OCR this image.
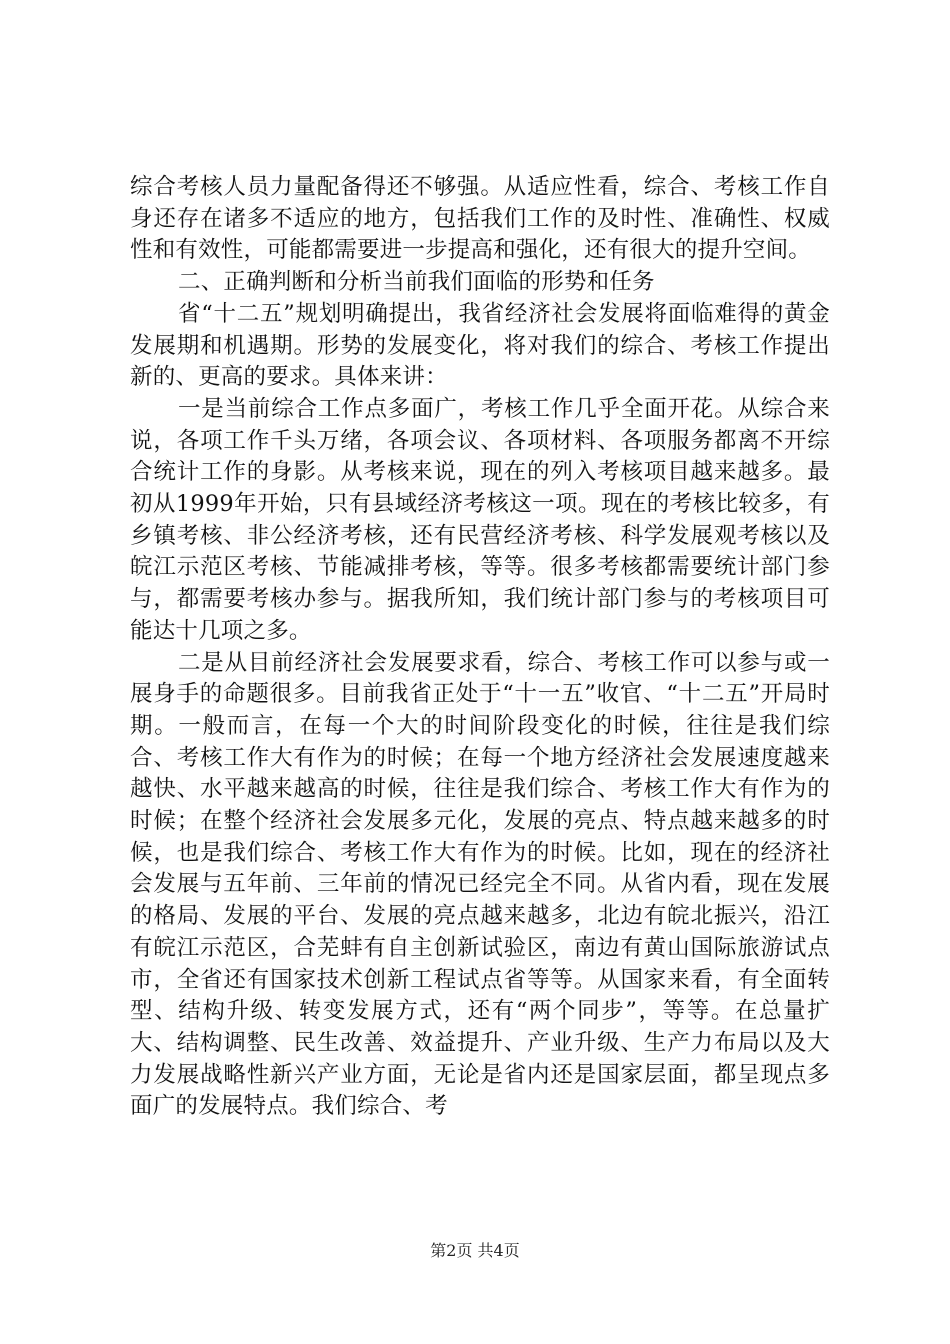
综合考核人员力量配备得还不够强。从适应性看，综合、考核工作自身还存在诸多不适应的地方，包括我们工作的及时性、准确性、权威性和有效性，可能都需要进一步提高和强化，还有很大的提升空间。

二、正确判断和分析当前我们面临的形势和任务

省“十二五”规划明确提出，我省经济社会发展将面临难得的黄金发展期和机遇期。形势的发展变化，将对我们的综合、考核工作提出新的、更高的要求。具体来讲：

一是当前综合工作点多面广，考核工作几乎全面开花。从综合来说，各项工作千头万绪，各项会议、各项材料、各项服务都离不开综合统计工作的身影。从考核来说，现在的列入考核项目越来越多。最初从1999年开始，只有县域经济考核这一项。现在的考核比较多，有乡镇考核、非公经济考核，还有民营经济考核、科学发展观考核以及皖江示范区考核、节能减排考核，等等。很多考核都需要统计部门参与，都需要考核办参与。据我所知，我们统计部门参与的考核项目可能达十几项之多。

二是从目前经济社会发展要求看，综合、考核工作可以参与或一展身手的命题很多。目前我省正处于“十一五”收官、“十二五”开局时期。一般而言，在每一个大的时间阶段变化的时候，往往是我们综合、考核工作大有作为的时候；在每一个地方经济社会发展速度越来越快、水平越来越高的时候，往往是我们综合、考核工作大有作为的时候；在整个经济社会发展多元化，发展的亮点、特点越来越多的时候，也是我们综合、考核工作大有作为的时候。比如，现在的经济社会发展与五年前、三年前的情况已经完全不同。从省内看，现在发展的格局、发展的平台、发展的亮点越来越多，北边有皖北振兴，沿江有皖江示范区，合芜蚌有自主创新试验区，南边有黄山国际旅游试点市，全省还有国家技术创新工程试点省等等。从国家来看，有全面转型、结构升级、转变发展方式，还有“两个同步”，等等。在总量扩大、结构调整、民生改善、效益提升、产业升级、生产力布局以及大力发展战略性新兴产业方面，无论是省内还是国家层面，都呈现点多面广的发展特点。我们综合、考

第2页 共4页
